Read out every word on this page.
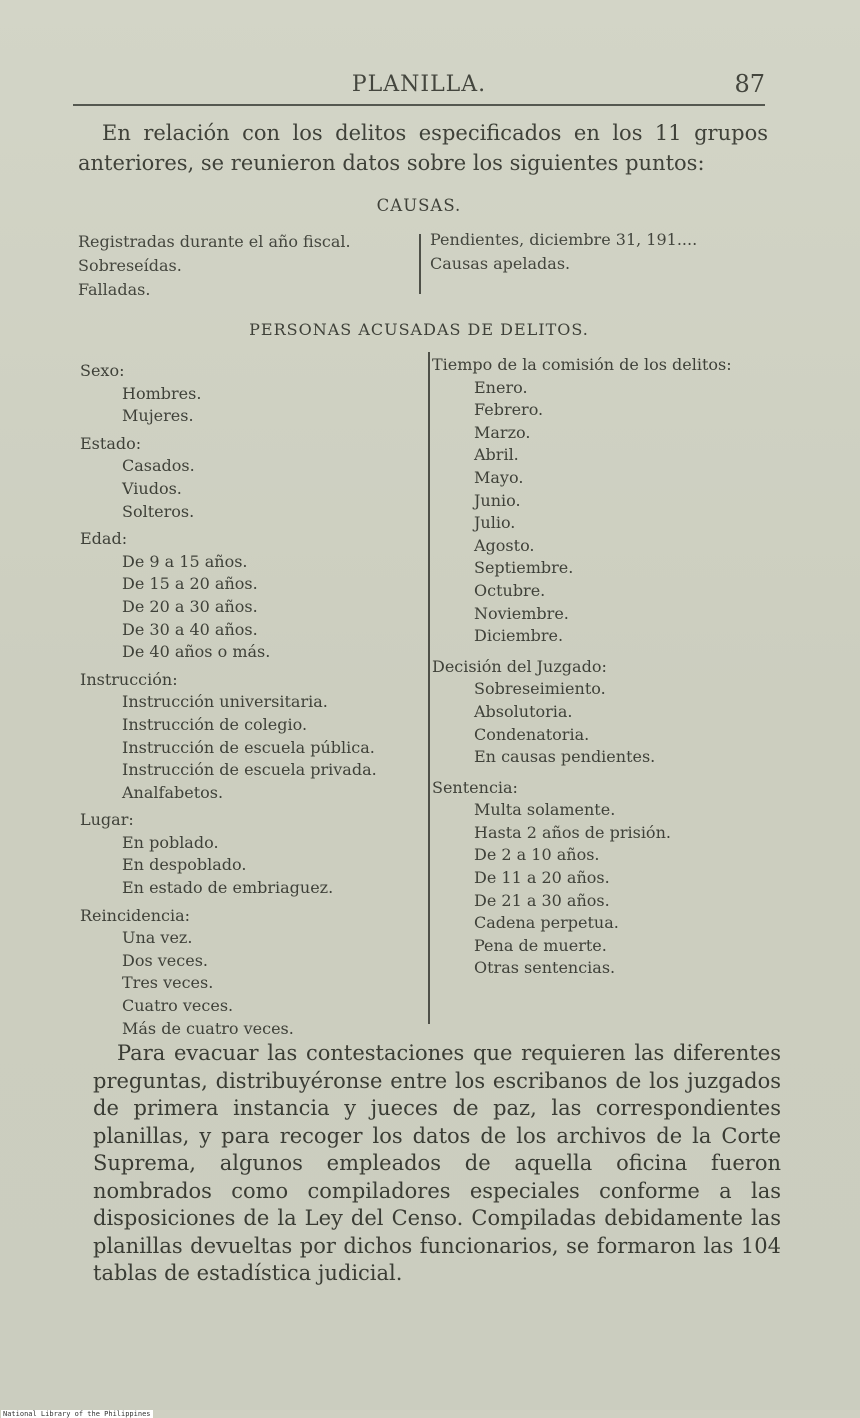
PLANILLA.	87
En relación con los delitos especificados en los 11 grupos anteriores, se reunieron datos sobre los siguientes puntos:
CAUSAS.
Registradas durante el año fiscal.
Sobreseídas.
Falladas.
Pendientes, diciembre 31, 191....
Causas apeladas.
PERSONAS ACUSADAS DE DELITOS.
Sexo:
Hombres.
Mujeres.
Estado:
Casados.
Viudos.
Solteros.
Edad:
De 9 a 15 años.
De 15 a 20 años.
De 20 a 30 años.
De 30 a 40 años.
De 40 años o más.
Instrucción:
Instrucción universitaria.
Instrucción de colegio.
Instrucción de escuela pública.
Instrucción de escuela privada.
Analfabetos.
Lugar:
En poblado.
En despoblado.
En estado de embriaguez.
Reincidencia:
Una vez.
Dos veces.
Tres veces.
Cuatro veces.
Más de cuatro veces.
Tiempo de la comisión de los delitos:
Enero.
Febrero.
Marzo.
Abril.
Mayo.
Junio.
Julio.
Agosto.
Septiembre.
Octubre.
Noviembre.
Diciembre.
Decisión del Juzgado:
Sobreseimiento.
Absolutoria.
Condenatoria.
En causas pendientes.
Sentencia:
Multa solamente.
Hasta 2 años de prisión.
De 2 a 10 años.
De 11 a 20 años.
De 21 a 30 años.
Cadena perpetua.
Pena de muerte.
Otras sentencias.
Para evacuar las contestaciones que requieren las diferentes preguntas, distribuyéronse entre los escribanos de los juzgados de primera instancia y jueces de paz, las correspondientes planillas, y para recoger los datos de los archivos de la Corte Suprema, algunos empleados de aquella oficina fueron nombrados como compiladores especiales conforme a las disposiciones de la Ley del Censo. Compiladas debidamente las planillas devueltas por dichos funcionarios, se formaron las 104 tablas de estadística judicial.
National Library of the Philippines
